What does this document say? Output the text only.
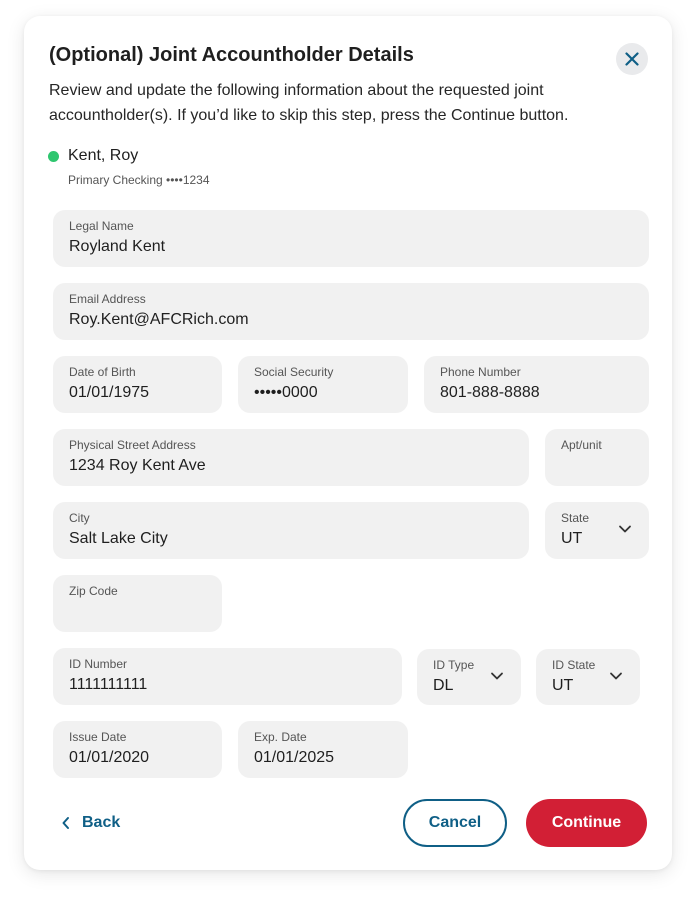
(Optional) Joint Accountholder Details

Review and update the following information about the requested joint accountholder(s). If you’d like to skip this step, press the Continue button.

Kent, Roy
Primary Checking ••••1234
Legal Name
Royland Kent
Email Address
Roy.Kent@AFCRich.com
Date of Birth
01/01/1975
Social Security
•••••0000
Phone Number
801-888-8888
Physical Street Address
1234 Roy Kent Ave
Apt/unit
City
Salt Lake City
State
UT
Zip Code
ID Number
1111111111
ID Type
DL
ID State
UT
Issue Date
01/01/2020
Exp. Date
01/01/2025
Back	Cancel	Continue
